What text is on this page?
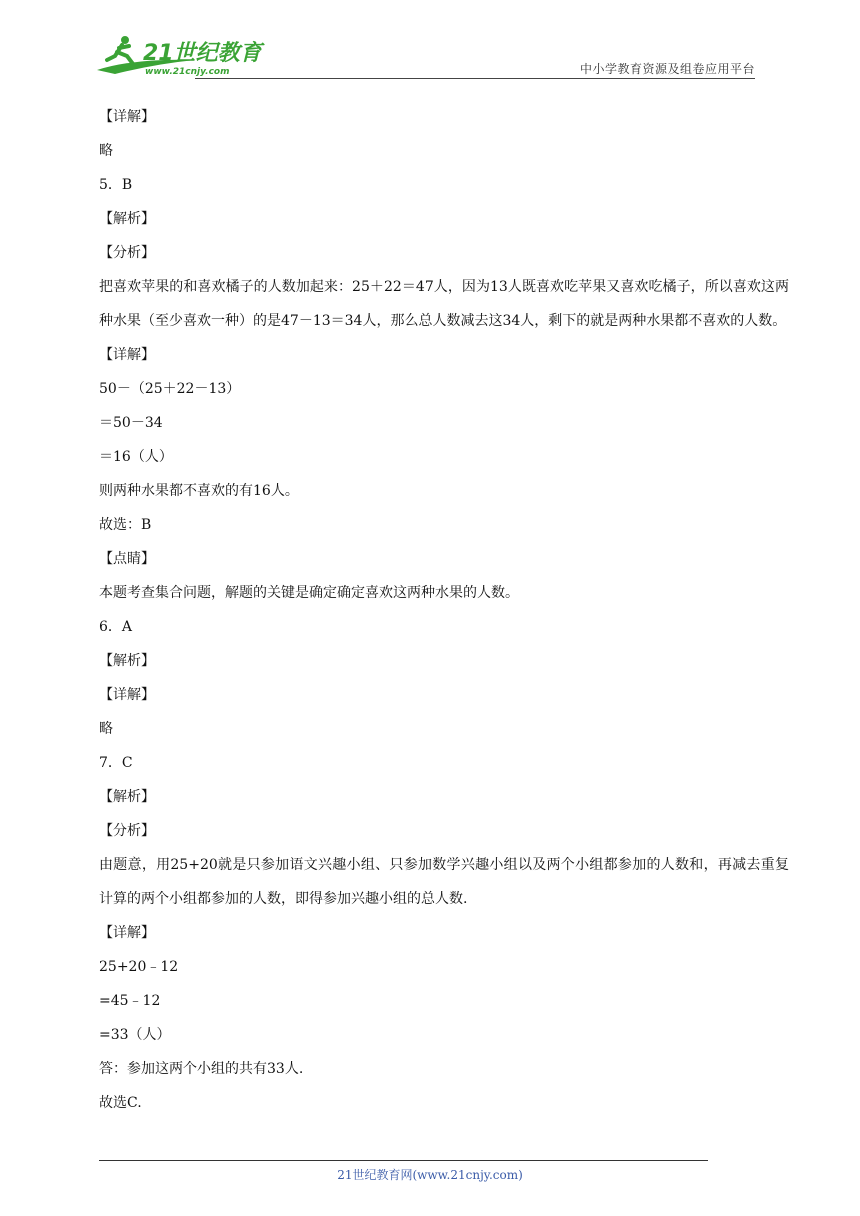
21世纪教育
www.21cnjy.com	中小学教育资源及组卷应用平台
【详解】
略
5．B
【解析】
【分析】
把喜欢苹果的和喜欢橘子的人数加起来：25＋22＝47人，因为13人既喜欢吃苹果又喜欢吃橘子，所以喜欢这两种水果（至少喜欢一种）的是47－13＝34人，那么总人数减去这34人，剩下的就是两种水果都不喜欢的人数。
【详解】
50－（25＋22－13）
＝50－34
＝16（人）
则两种水果都不喜欢的有16人。
故选：B
【点睛】
本题考查集合问题，解题的关键是确定确定喜欢这两种水果的人数。
6．A
【解析】
【详解】
略
7．C
【解析】
【分析】
由题意，用25+20就是只参加语文兴趣小组、只参加数学兴趣小组以及两个小组都参加的人数和，再减去重复计算的两个小组都参加的人数，即得参加兴趣小组的总人数.
【详解】
25+20﹣12
=45﹣12
=33（人）
答：参加这两个小组的共有33人.
故选C.
21世纪教育网(www.21cnjy.com)
